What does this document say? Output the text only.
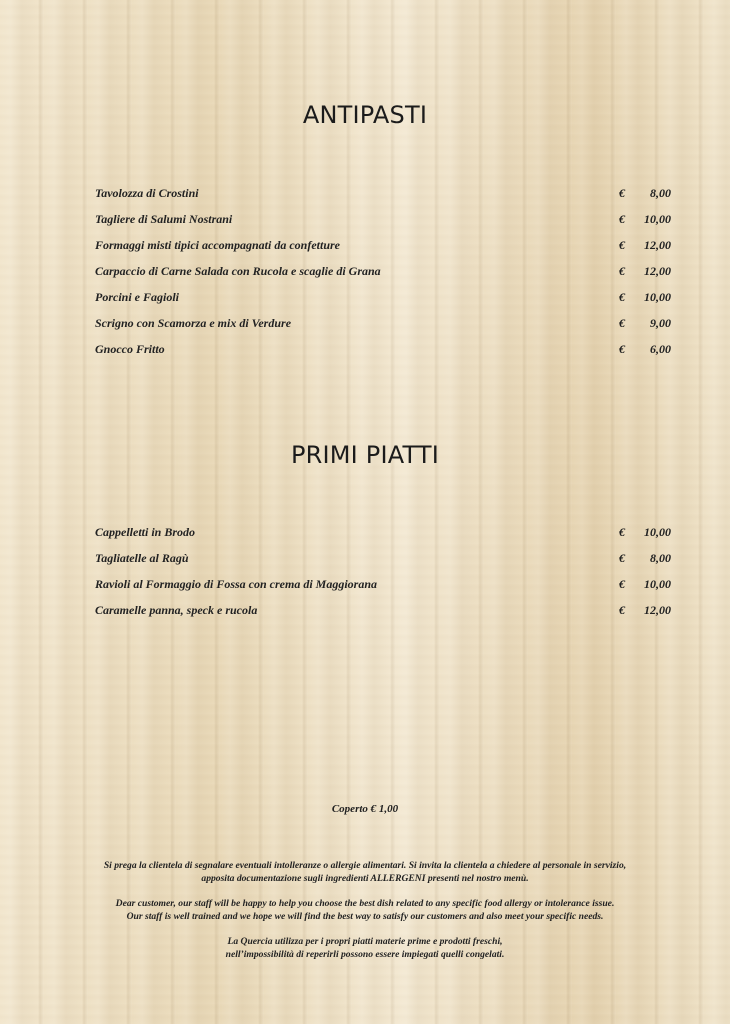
ANTIPASTI
Tavolozza di Crostini	€ 8,00
Tagliere di Salumi Nostrani	€ 10,00
Formaggi misti tipici accompagnati da confetture	€ 12,00
Carpaccio di Carne Salada con Rucola e scaglie di Grana	€ 12,00
Porcini e Fagioli	€ 10,00
Scrigno con Scamorza e mix di Verdure	€ 9,00
Gnocco Fritto	€ 6,00
PRIMI PIATTI
Cappelletti in Brodo	€ 10,00
Tagliatelle al Ragù	€ 8,00
Ravioli al Formaggio di Fossa con crema di Maggiorana	€ 10,00
Caramelle panna, speck e rucola	€ 12,00
Coperto € 1,00
Si prega la clientela di segnalare eventuali intolleranze o allergie alimentari. Si invita la clientela a chiedere al personale in servizio,
apposita documentazione sugli ingredienti ALLERGENI presenti nel nostro menù.
Dear customer, our staff will be happy to help you choose the best dish related to any specific food allergy or intolerance issue.
Our staff is well trained and we hope we will find the best way to satisfy our customers and also meet your specific needs.
La Quercia utilizza per i propri piatti materie prime e prodotti freschi,
nell’impossibilità di reperirli possono essere impiegati quelli congelati.
